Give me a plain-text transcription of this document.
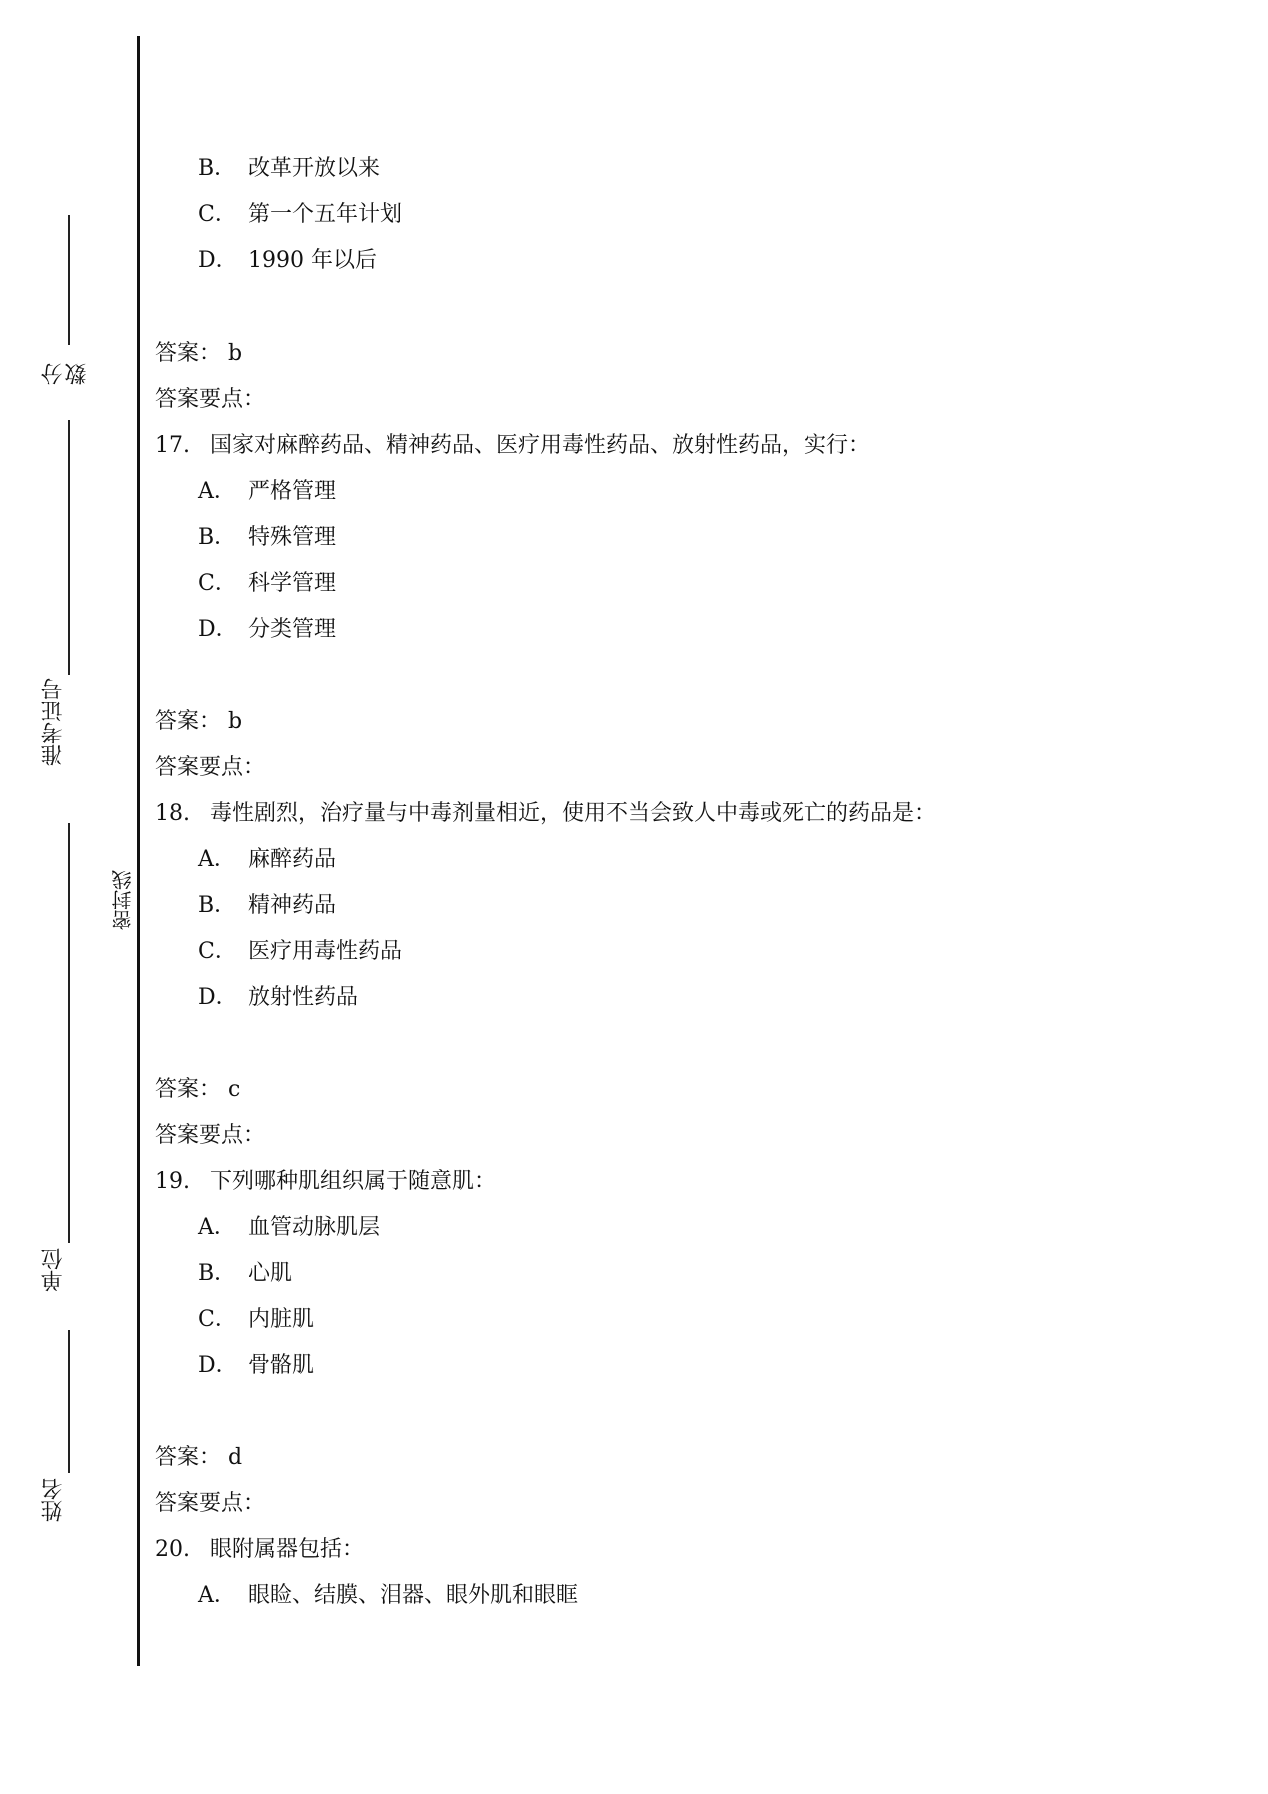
分数
准考证号
单位
姓名
密封线
B． 改革开放以来
C． 第一个五年计划
D． 1990 年以后
答案： b
答案要点：
17. 国家对麻醉药品、精神药品、医疗用毒性药品、放射性药品，实行：
A． 严格管理
B． 特殊管理
C． 科学管理
D． 分类管理
答案： b
答案要点：
18. 毒性剧烈，治疗量与中毒剂量相近，使用不当会致人中毒或死亡的药品是：
A． 麻醉药品
B． 精神药品
C． 医疗用毒性药品
D． 放射性药品
答案： c
答案要点：
19. 下列哪种肌组织属于随意肌：
A． 血管动脉肌层
B． 心肌
C． 内脏肌
D． 骨骼肌
答案： d
答案要点：
20. 眼附属器包括：
A． 眼睑、结膜、泪器、眼外肌和眼眶
